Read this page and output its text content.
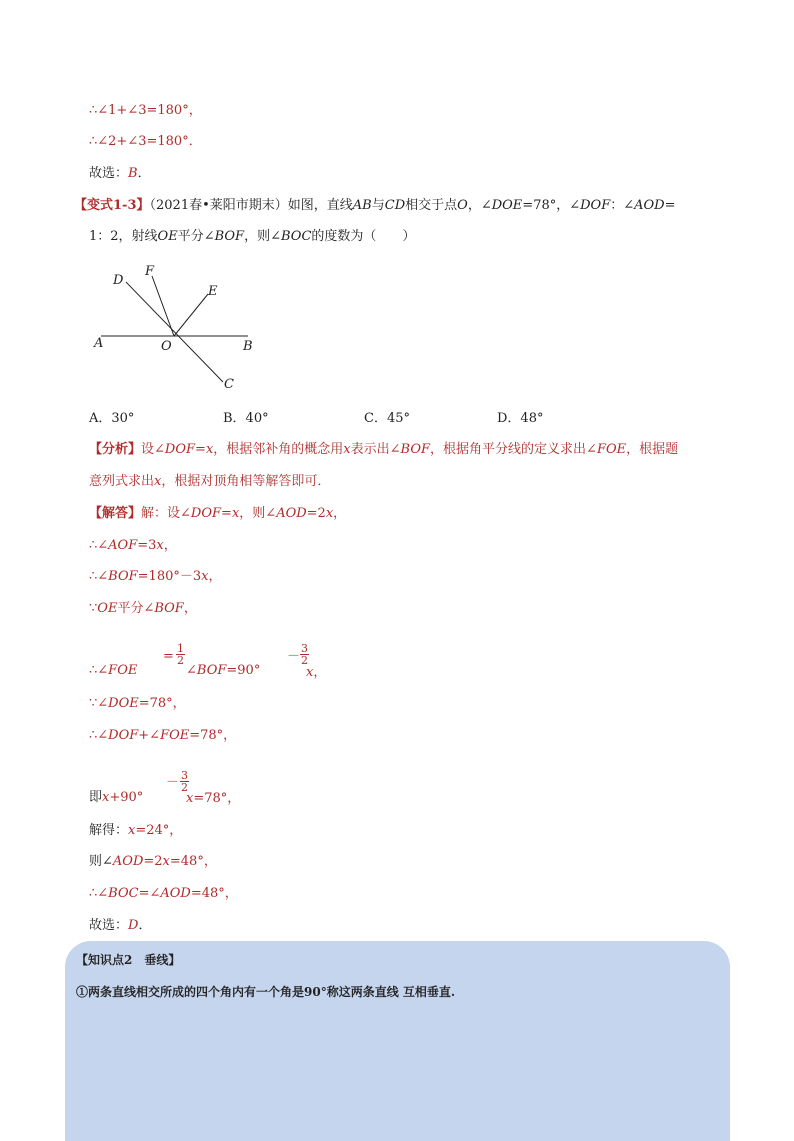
∴∠1+∠3=180°，
∴∠2+∠3=180°．
故选：B．
【变式1-3】（2021春•莱阳市期末）如图，直线AB与CD相交于点O，∠DOE=78°，∠DOF：∠AOD=
1：2，射线OE平分∠BOF，则∠BOC的度数为（　　）
A	O	B
C
D
F
E
A．30°	B．40°	C．45°	D．48°
【分析】设∠DOF=x，根据邻补角的概念用x表示出∠BOF，根据角平分线的定义求出∠FOE，根据题
意列式求出x，根据对顶角相等解答即可．
【解答】解：设∠DOF=x，则∠AOD=2x，
∴∠AOF=3x，
∴∠BOF=180°－3x，
∵OE平分∠BOF，
∴∠FOE
= $\frac{1}{2}$
∠BOF=90°
－ $\frac{3}{2}$
x，
∵∠DOE=78°，
∴∠DOF+∠FOE=78°，
即x+90°
－ $\frac{3}{2}$
x=78°，
解得：x=24°，
则∠AOD=2x=48°，
∴∠BOC=∠AOD=48°，
故选：D．
【知识点2　垂线】
①两条直线相交所成的四个角内有一个角是90°称这两条直线 互相垂直.
